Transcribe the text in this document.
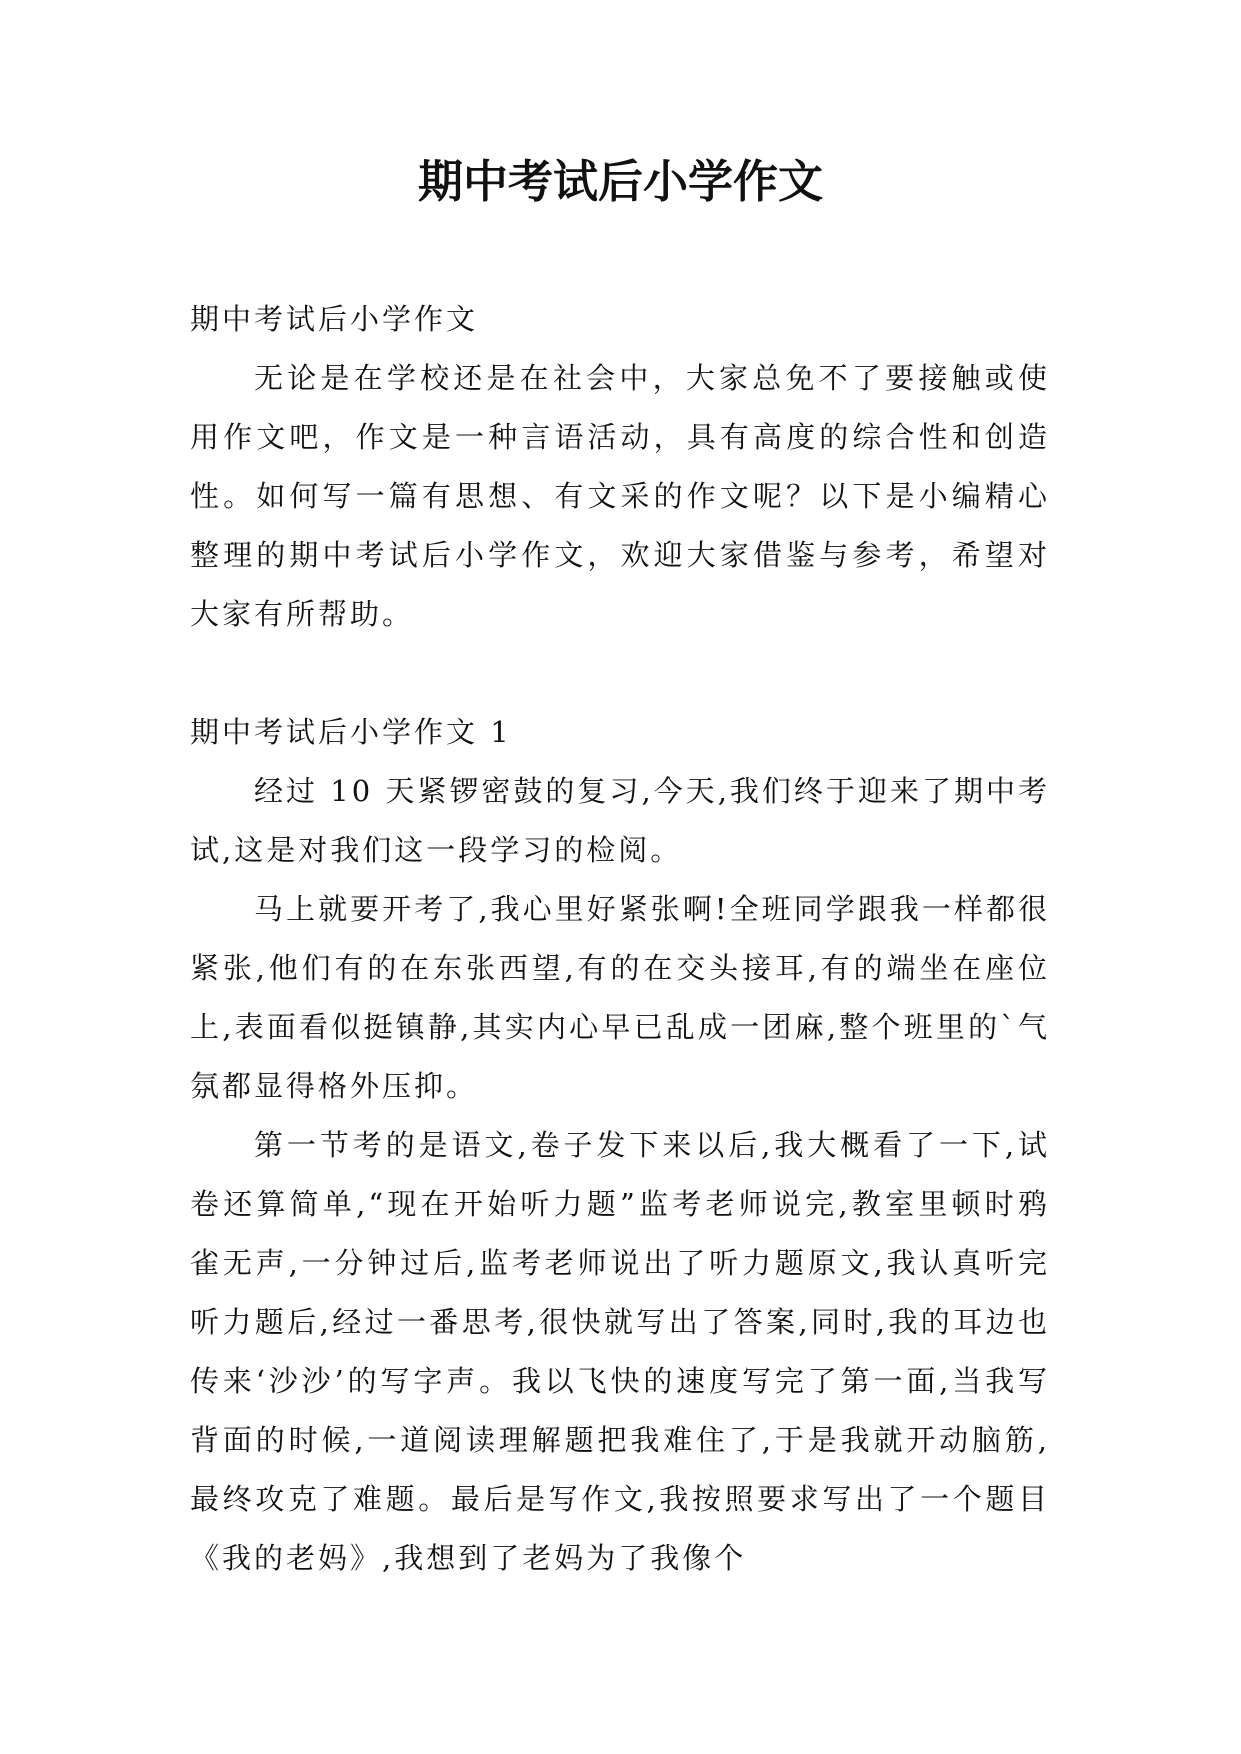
期中考试后小学作文

期中考试后小学作文

无论是在学校还是在社会中，大家总免不了要接触或使用作文吧，作文是一种言语活动，具有高度的综合性和创造性。如何写一篇有思想、有文采的作文呢？以下是小编精心整理的期中考试后小学作文，欢迎大家借鉴与参考，希望对大家有所帮助。

期中考试后小学作文 1

经过 10 天紧锣密鼓的复习,今天,我们终于迎来了期中考试,这是对我们这一段学习的检阅。

马上就要开考了,我心里好紧张啊!全班同学跟我一样都很紧张,他们有的在东张西望,有的在交头接耳,有的端坐在座位上,表面看似挺镇静,其实内心早已乱成一团麻,整个班里的`气氛都显得格外压抑。

第一节考的是语文,卷子发下来以后,我大概看了一下,试卷还算简单,“现在开始听力题”监考老师说完,教室里顿时鸦雀无声,一分钟过后,监考老师说出了听力题原文,我认真听完听力题后,经过一番思考,很快就写出了答案,同时,我的耳边也传来‘沙沙’的写字声。我以飞快的速度写完了第一面,当我写背面的时候,一道阅读理解题把我难住了,于是我就开动脑筋,最终攻克了难题。最后是写作文,我按照要求写出了一个题目《我的老妈》,我想到了老妈为了我像个
